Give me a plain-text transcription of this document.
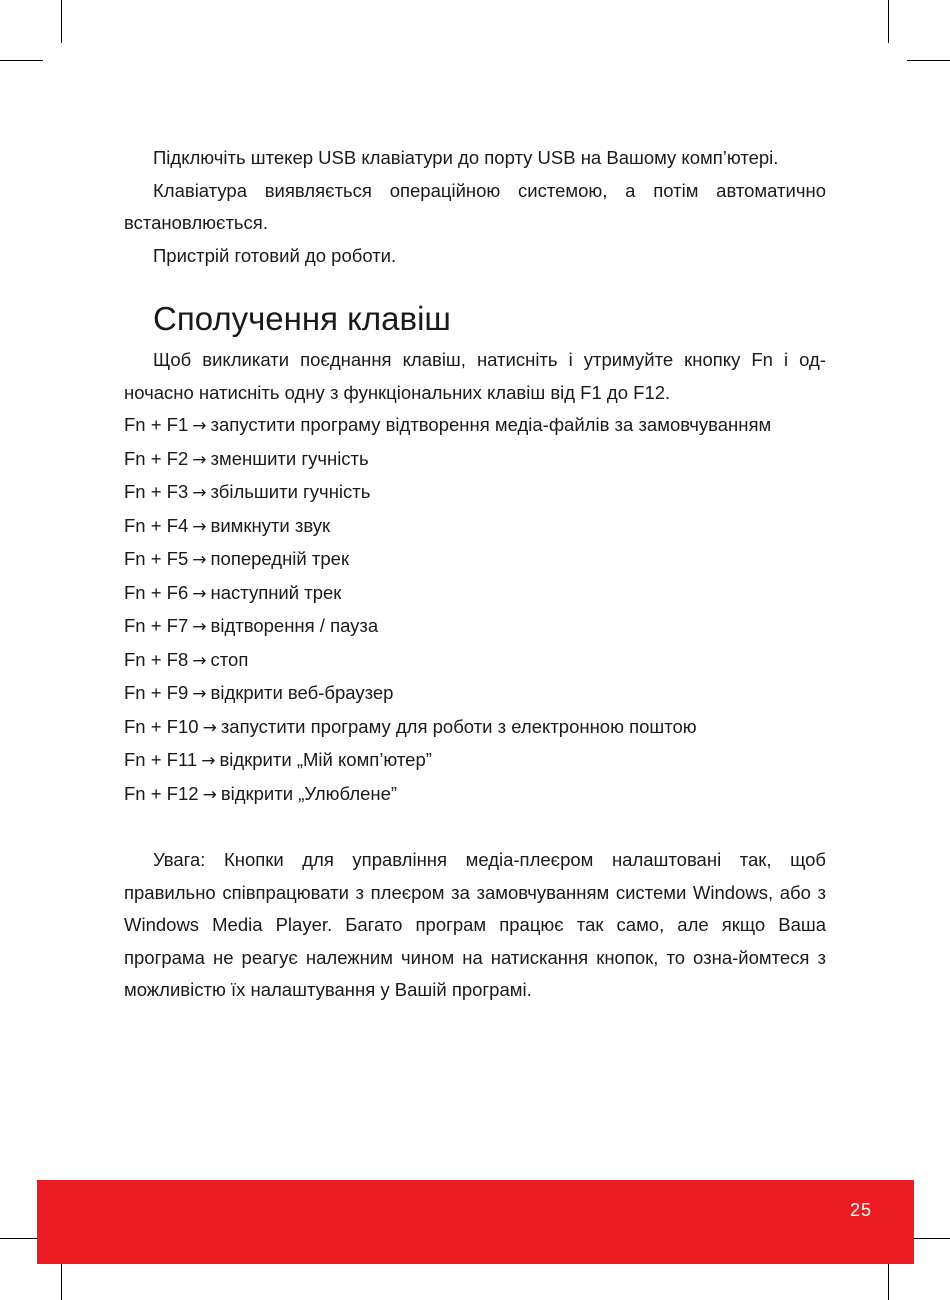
Підключіть штекер USB клавіатури до порту USB на Вашому комп’ютері.

Клавіатура виявляється операційною системою, а потім автоматично встановлюється.

Пристрій готовий до роботи.

Сполучення клавіш

Щоб викликати поєднання клавіш, натисніть і утримуйте кнопку Fn і од-ночасно натисніть одну з функціональних клавіш від F1 до F12.

Fn + F1 → запустити програму відтворення медіа-файлів за замовчуванням
Fn + F2 → зменшити гучність
Fn + F3 → збільшити гучність
Fn + F4 → вимкнути звук
Fn + F5 → попередній трек
Fn + F6 → наступний трек
Fn + F7 → відтворення / пауза
Fn + F8 → стоп
Fn + F9 → відкрити веб-браузер
Fn + F10 → запустити програму для роботи з електронною поштою
Fn + F11 → відкрити „Мій комп’ютер”
Fn + F12 → відкрити „Улюблене”

Увага: Кнопки для управління медіа-плеєром налаштовані так, щоб правильно співпрацювати з плеєром за замовчуванням системи Windows, або з Windows Media Player. Багато програм працює так само, але якщо Ваша програма не реагує належним чином на натискання кнопок, то озна-йомтеся з можливістю їх налаштування у Вашій програмі.

25
